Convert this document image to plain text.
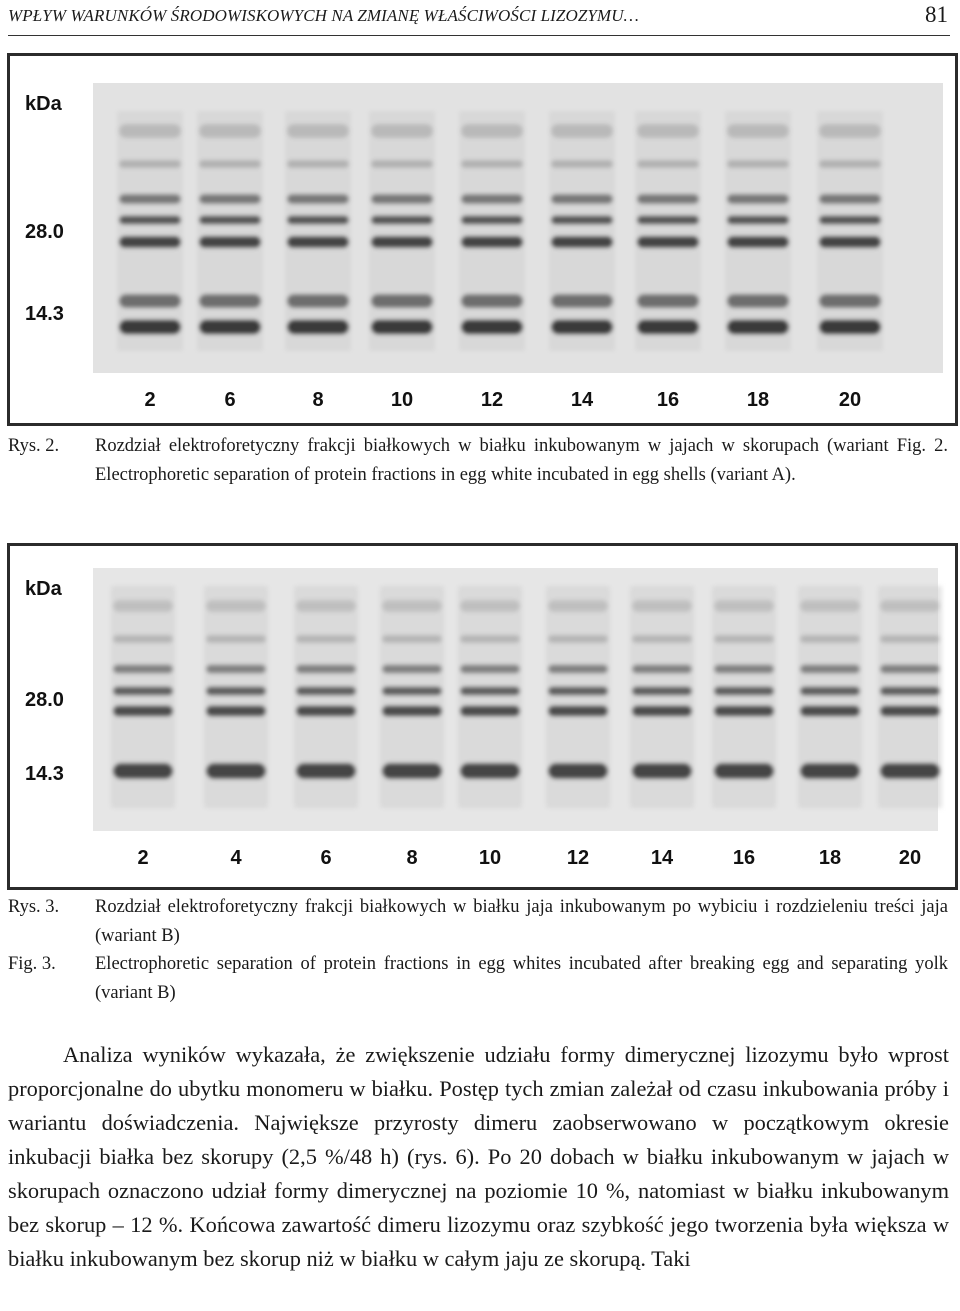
WPŁYW WARUNKÓW ŚRODOWISKOWYCH NA ZMIANĘ WŁAŚCIWOŚCI LIZOZYMU…	81
kDa
28.0
14.3
2	6	8	10	12	14	16	18	20
Rys. 2. Rozdział elektroforetyczny frakcji białkowych w białku inkubowanym w jajach w skorupach (wariant Fig. 2. Electrophoretic separation of protein fractions in egg white incubated in egg shells (variant A).
kDa
28.0
14.3
2	4	6	8	10	12	14	16	18	20
Rys. 3. Rozdział elektroforetyczny frakcji białkowych w białku jaja inkubowanym po wybiciu i rozdzieleniu treści jaja (wariant B)
Fig. 3. Electrophoretic separation of protein fractions in egg whites incubated after breaking egg and separating yolk (variant B)

Analiza wyników wykazała, że zwiększenie udziału formy dimerycznej lizozymu było wprost proporcjonalne do ubytku monomeru w białku. Postęp tych zmian zależał od czasu inkubowania próby i wariantu doświadczenia. Największe przyrosty dimeru zaobserwowano w początkowym okresie inkubacji białka bez skorupy (2,5 %/48 h) (rys. 6). Po 20 dobach w białku inkubowanym w jajach w skorupach oznaczono udział formy dimerycznej na poziomie 10 %, natomiast w białku inkubowanym bez skorup – 12 %. Końcowa zawartość dimeru lizozymu oraz szybkość jego tworzenia była większa w białku inkubowanym bez skorup niż w białku w całym jaju ze skorupą. Taki
